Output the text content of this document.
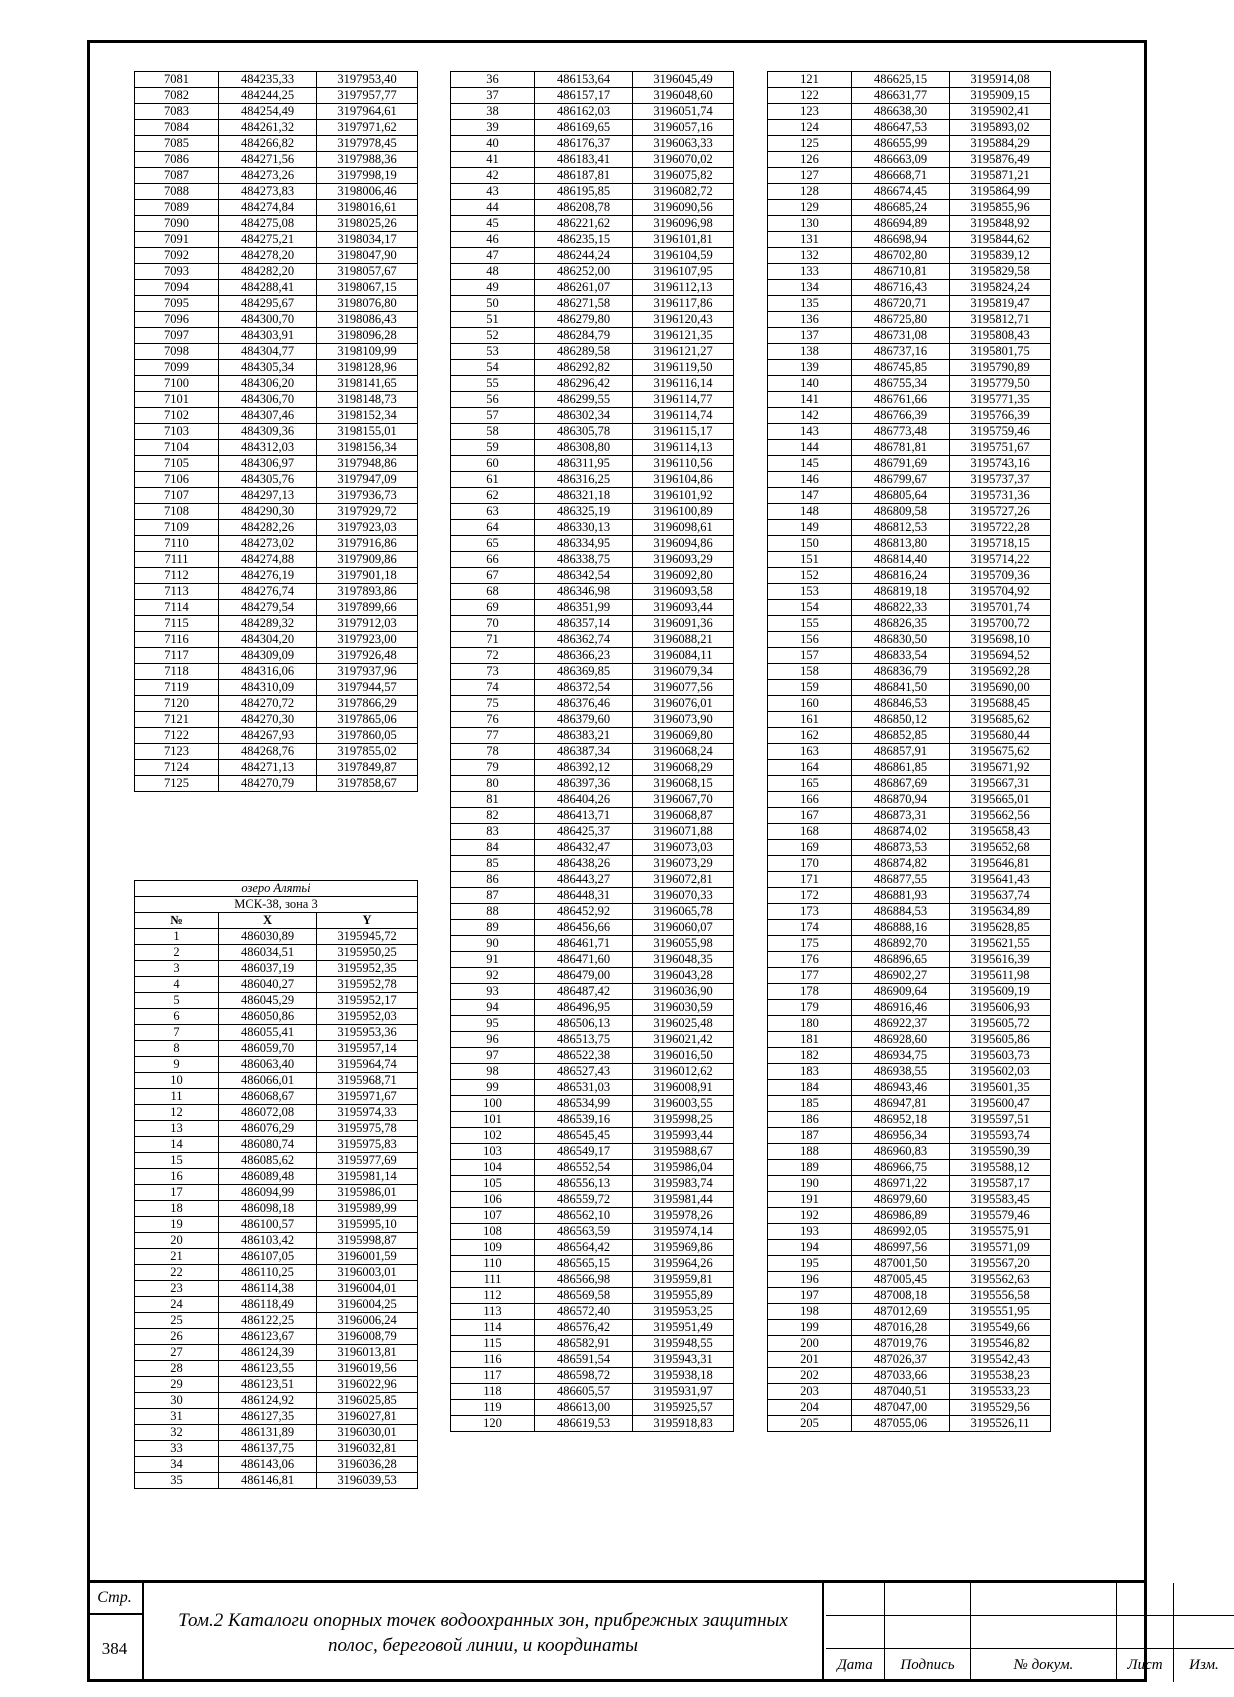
7081	484235,33	3197953,40
7082	484244,25	3197957,77
7083	484254,49	3197964,61
7084	484261,32	3197971,62
7085	484266,82	3197978,45
7086	484271,56	3197988,36
7087	484273,26	3197998,19
7088	484273,83	3198006,46
7089	484274,84	3198016,61
7090	484275,08	3198025,26
7091	484275,21	3198034,17
7092	484278,20	3198047,90
7093	484282,20	3198057,67
7094	484288,41	3198067,15
7095	484295,67	3198076,80
7096	484300,70	3198086,43
7097	484303,91	3198096,28
7098	484304,77	3198109,99
7099	484305,34	3198128,96
7100	484306,20	3198141,65
7101	484306,70	3198148,73
7102	484307,46	3198152,34
7103	484309,36	3198155,01
7104	484312,03	3198156,34
7105	484306,97	3197948,86
7106	484305,76	3197947,09
7107	484297,13	3197936,73
7108	484290,30	3197929,72
7109	484282,26	3197923,03
7110	484273,02	3197916,86
7111	484274,88	3197909,86
7112	484276,19	3197901,18
7113	484276,74	3197893,86
7114	484279,54	3197899,66
7115	484289,32	3197912,03
7116	484304,20	3197923,00
7117	484309,09	3197926,48
7118	484316,06	3197937,96
7119	484310,09	3197944,57
7120	484270,72	3197866,29
7121	484270,30	3197865,06
7122	484267,93	3197860,05
7123	484268,76	3197855,02
7124	484271,13	3197849,87
7125	484270,79	3197858,67
озеро Алятьі		
МСК-38, зона 3		
№	X	Y
1	486030,89	3195945,72
2	486034,51	3195950,25
3	486037,19	3195952,35
4	486040,27	3195952,78
5	486045,29	3195952,17
6	486050,86	3195952,03
7	486055,41	3195953,36
8	486059,70	3195957,14
9	486063,40	3195964,74
10	486066,01	3195968,71
11	486068,67	3195971,67
12	486072,08	3195974,33
13	486076,29	3195975,78
14	486080,74	3195975,83
15	486085,62	3195977,69
16	486089,48	3195981,14
17	486094,99	3195986,01
18	486098,18	3195989,99
19	486100,57	3195995,10
20	486103,42	3195998,87
21	486107,05	3196001,59
22	486110,25	3196003,01
23	486114,38	3196004,01
24	486118,49	3196004,25
25	486122,25	3196006,24
26	486123,67	3196008,79
27	486124,39	3196013,81
28	486123,55	3196019,56
29	486123,51	3196022,96
30	486124,92	3196025,85
31	486127,35	3196027,81
32	486131,89	3196030,01
33	486137,75	3196032,81
34	486143,06	3196036,28
35	486146,81	3196039,53
36	486153,64	3196045,49
37	486157,17	3196048,60
38	486162,03	3196051,74
39	486169,65	3196057,16
40	486176,37	3196063,33
41	486183,41	3196070,02
42	486187,81	3196075,82
43	486195,85	3196082,72
44	486208,78	3196090,56
45	486221,62	3196096,98
46	486235,15	3196101,81
47	486244,24	3196104,59
48	486252,00	3196107,95
49	486261,07	3196112,13
50	486271,58	3196117,86
51	486279,80	3196120,43
52	486284,79	3196121,35
53	486289,58	3196121,27
54	486292,82	3196119,50
55	486296,42	3196116,14
56	486299,55	3196114,77
57	486302,34	3196114,74
58	486305,78	3196115,17
59	486308,80	3196114,13
60	486311,95	3196110,56
61	486316,25	3196104,86
62	486321,18	3196101,92
63	486325,19	3196100,89
64	486330,13	3196098,61
65	486334,95	3196094,86
66	486338,75	3196093,29
67	486342,54	3196092,80
68	486346,98	3196093,58
69	486351,99	3196093,44
70	486357,14	3196091,36
71	486362,74	3196088,21
72	486366,23	3196084,11
73	486369,85	3196079,34
74	486372,54	3196077,56
75	486376,46	3196076,01
76	486379,60	3196073,90
77	486383,21	3196069,80
78	486387,34	3196068,24
79	486392,12	3196068,29
80	486397,36	3196068,15
81	486404,26	3196067,70
82	486413,71	3196068,87
83	486425,37	3196071,88
84	486432,47	3196073,03
85	486438,26	3196073,29
86	486443,27	3196072,81
87	486448,31	3196070,33
88	486452,92	3196065,78
89	486456,66	3196060,07
90	486461,71	3196055,98
91	486471,60	3196048,35
92	486479,00	3196043,28
93	486487,42	3196036,90
94	486496,95	3196030,59
95	486506,13	3196025,48
96	486513,75	3196021,42
97	486522,38	3196016,50
98	486527,43	3196012,62
99	486531,03	3196008,91
100	486534,99	3196003,55
101	486539,16	3195998,25
102	486545,45	3195993,44
103	486549,17	3195988,67
104	486552,54	3195986,04
105	486556,13	3195983,74
106	486559,72	3195981,44
107	486562,10	3195978,26
108	486563,59	3195974,14
109	486564,42	3195969,86
110	486565,15	3195964,26
111	486566,98	3195959,81
112	486569,58	3195955,89
113	486572,40	3195953,25
114	486576,42	3195951,49
115	486582,91	3195948,55
116	486591,54	3195943,31
117	486598,72	3195938,18
118	486605,57	3195931,97
119	486613,00	3195925,57
120	486619,53	3195918,83
121	486625,15	3195914,08
122	486631,77	3195909,15
123	486638,30	3195902,41
124	486647,53	3195893,02
125	486655,99	3195884,29
126	486663,09	3195876,49
127	486668,71	3195871,21
128	486674,45	3195864,99
129	486685,24	3195855,96
130	486694,89	3195848,92
131	486698,94	3195844,62
132	486702,80	3195839,12
133	486710,81	3195829,58
134	486716,43	3195824,24
135	486720,71	3195819,47
136	486725,80	3195812,71
137	486731,08	3195808,43
138	486737,16	3195801,75
139	486745,85	3195790,89
140	486755,34	3195779,50
141	486761,66	3195771,35
142	486766,39	3195766,39
143	486773,48	3195759,46
144	486781,81	3195751,67
145	486791,69	3195743,16
146	486799,67	3195737,37
147	486805,64	3195731,36
148	486809,58	3195727,26
149	486812,53	3195722,28
150	486813,80	3195718,15
151	486814,40	3195714,22
152	486816,24	3195709,36
153	486819,18	3195704,92
154	486822,33	3195701,74
155	486826,35	3195700,72
156	486830,50	3195698,10
157	486833,54	3195694,52
158	486836,79	3195692,28
159	486841,50	3195690,00
160	486846,53	3195688,45
161	486850,12	3195685,62
162	486852,85	3195680,44
163	486857,91	3195675,62
164	486861,85	3195671,92
165	486867,69	3195667,31
166	486870,94	3195665,01
167	486873,31	3195662,56
168	486874,02	3195658,43
169	486873,53	3195652,68
170	486874,82	3195646,81
171	486877,55	3195641,43
172	486881,93	3195637,74
173	486884,53	3195634,89
174	486888,16	3195628,85
175	486892,70	3195621,55
176	486896,65	3195616,39
177	486902,27	3195611,98
178	486909,64	3195609,19
179	486916,46	3195606,93
180	486922,37	3195605,72
181	486928,60	3195605,86
182	486934,75	3195603,73
183	486938,55	3195602,03
184	486943,46	3195601,35
185	486947,81	3195600,47
186	486952,18	3195597,51
187	486956,34	3195593,74
188	486960,83	3195590,39
189	486966,75	3195588,12
190	486971,22	3195587,17
191	486979,60	3195583,45
192	486986,89	3195579,46
193	486992,05	3195575,91
194	486997,56	3195571,09
195	487001,50	3195567,20
196	487005,45	3195562,63
197	487008,18	3195556,58
198	487012,69	3195551,95
199	487016,28	3195549,66
200	487019,76	3195546,82
201	487026,37	3195542,43
202	487033,66	3195538,23
203	487040,51	3195533,23
204	487047,00	3195529,56
205	487055,06	3195526,11
Стр.
384
Том.2 Каталоги опорных точек водоохранных зон, прибрежных защитных полос, береговой линии, и координаты
Дата	Подпись	№ докум.	Лист	Изм.
